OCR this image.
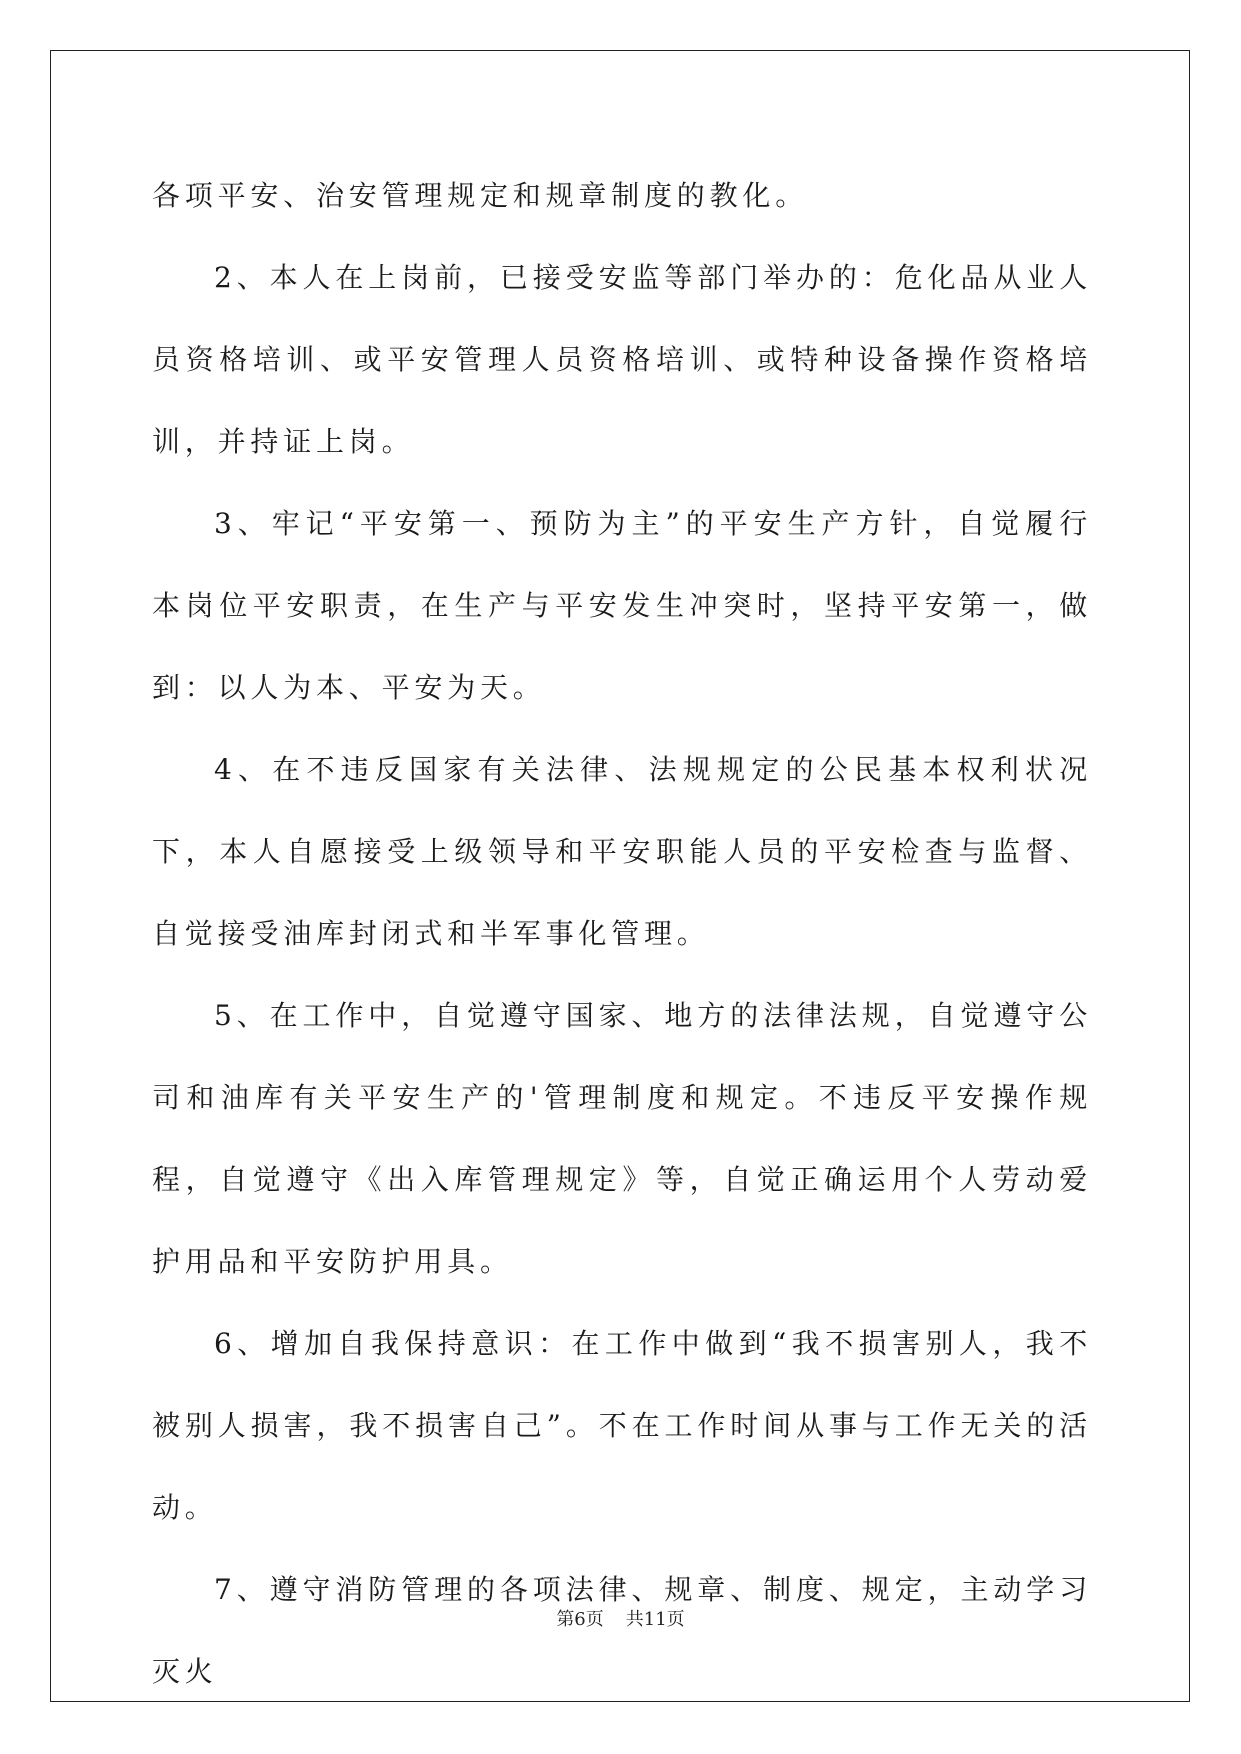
各项平安、治安管理规定和规章制度的教化。

2、本人在上岗前，已接受安监等部门举办的：危化品从业人员资格培训、或平安管理人员资格培训、或特种设备操作资格培训，并持证上岗。

3、牢记“平安第一、预防为主”的平安生产方针，自觉履行本岗位平安职责，在生产与平安发生冲突时，坚持平安第一，做到：以人为本、平安为天。

4、在不违反国家有关法律、法规规定的公民基本权利状况下，本人自愿接受上级领导和平安职能人员的平安检查与监督、自觉接受油库封闭式和半军事化管理。

5、在工作中，自觉遵守国家、地方的法律法规，自觉遵守公司和油库有关平安生产的'管理制度和规定。不违反平安操作规程，自觉遵守《出入库管理规定》等，自觉正确运用个人劳动爱护用品和平安防护用具。

6、增加自我保持意识：在工作中做到“我不损害别人，我不被别人损害，我不损害自己”。不在工作时间从事与工作无关的活动。

7、遵守消防管理的各项法律、规章、制度、规定，主动学习灭火

第6页 共11页
